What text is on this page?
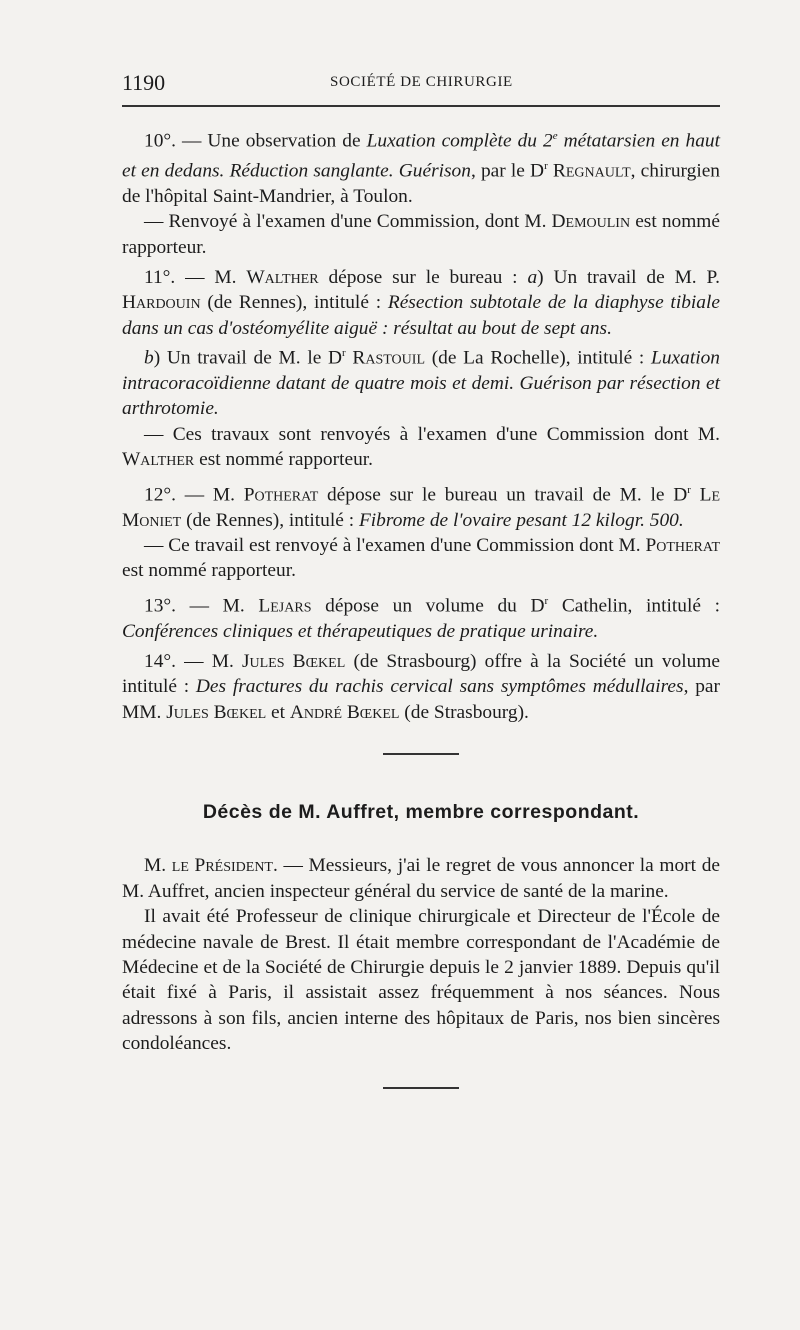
1190	SOCIÉTÉ DE CHIRURGIE

10°. — Une observation de Luxation complète du 2e métatarsien en haut et en dedans. Réduction sanglante. Guérison, par le $D^r$ Regnault, chirurgien de l'hôpital Saint-Mandrier, à Toulon.

— Renvoyé à l'examen d'une Commission, dont M. Demoulin est nommé rapporteur.

11°. — M. Walther dépose sur le bureau : a) Un travail de M. P. Hardouin (de Rennes), intitulé : Résection subtotale de la diaphyse tibiale dans un cas d'ostéomyélite aiguë : résultat au bout de sept ans.

b) Un travail de M. le $D^r$ Rastouil (de La Rochelle), intitulé : Luxation intracoracoïdienne datant de quatre mois et demi. Guérison par résection et arthrotomie.

— Ces travaux sont renvoyés à l'examen d'une Commission dont M. Walther est nommé rapporteur.

12°. — M. Potherat dépose sur le bureau un travail de M. le $D^r$ Le Moniet (de Rennes), intitulé : Fibrome de l'ovaire pesant 12 kilogr. 500.

— Ce travail est renvoyé à l'examen d'une Commission dont M. Potherat est nommé rapporteur.

13°. — M. Lejars dépose un volume du $D^r$ Cathelin, intitulé : Conférences cliniques et thérapeutiques de pratique urinaire.

14°. — M. Jules Bœkel (de Strasbourg) offre à la Société un volume intitulé : Des fractures du rachis cervical sans symptômes médullaires, par MM. Jules Bœkel et André Bœkel (de Strasbourg).

Décès de M. Auffret, membre correspondant.

M. le Président. — Messieurs, j'ai le regret de vous annoncer la mort de M. Auffret, ancien inspecteur général du service de santé de la marine.

Il avait été Professeur de clinique chirurgicale et Directeur de l'École de médecine navale de Brest. Il était membre correspondant de l'Académie de Médecine et de la Société de Chirurgie depuis le 2 janvier 1889. Depuis qu'il était fixé à Paris, il assistait assez fréquemment à nos séances. Nous adressons à son fils, ancien interne des hôpitaux de Paris, nos bien sincères condoléances.
